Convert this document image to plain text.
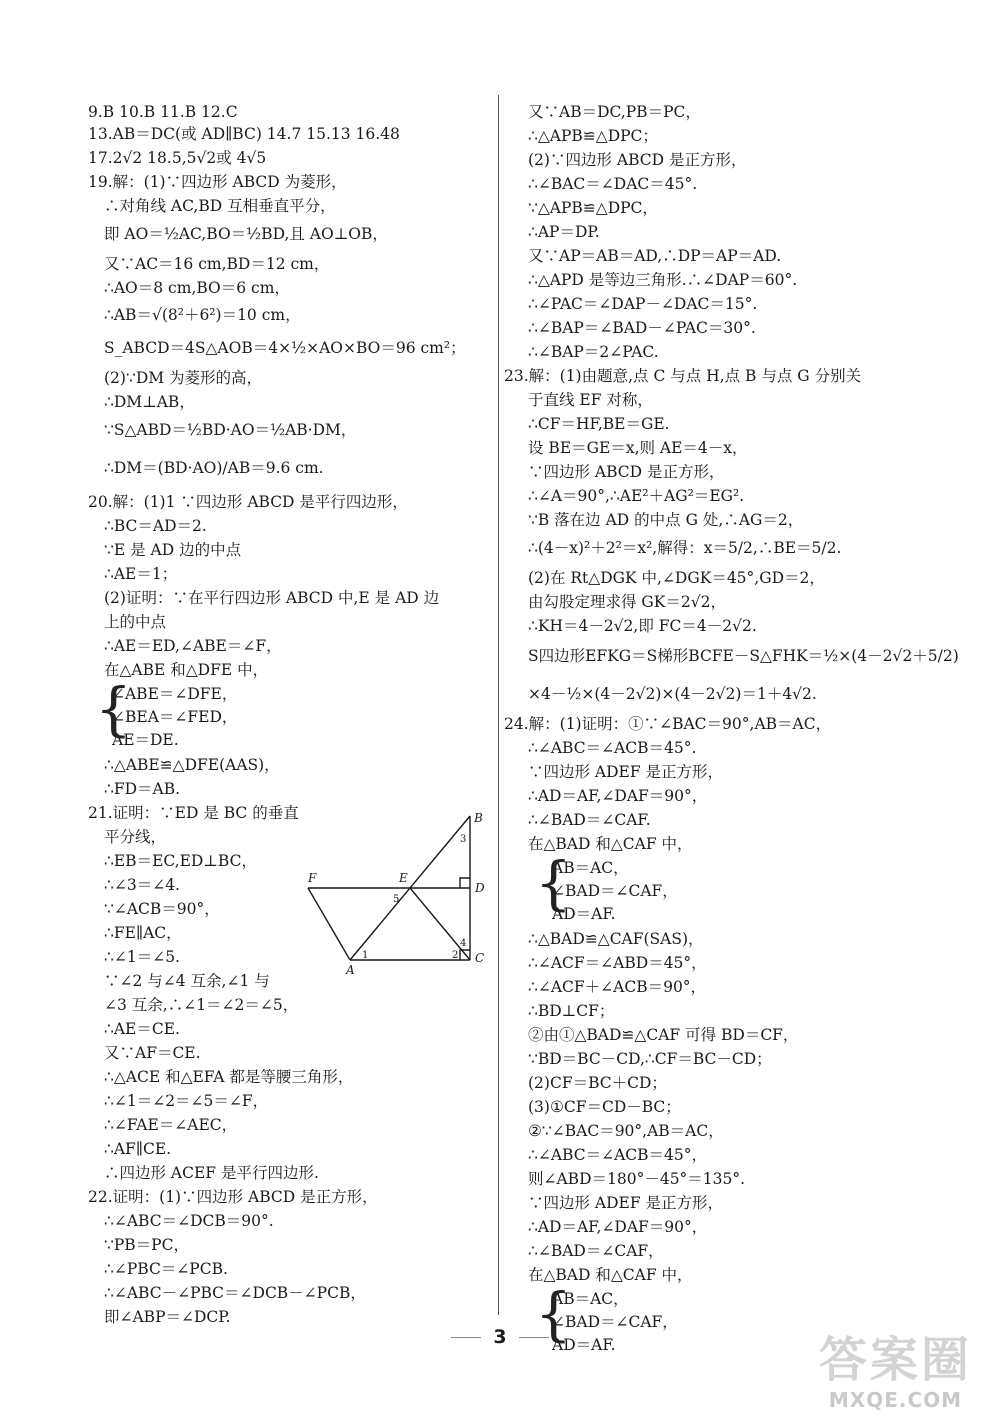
9.B 10.B 11.B 12.C
13.AB＝DC(或 AD∥BC) 14.7 15.13 16.48
17.2√2 18.5,5√2或 4√5
19.解：(1)∵四边形 ABCD 为菱形，
∴对角线 AC,BD 互相垂直平分，
即 AO＝½AC,BO＝½BD,且 AO⊥OB，
又∵AC＝16 cm,BD＝12 cm，
∴AO＝8 cm,BO＝6 cm，
∴AB＝√(8²＋6²)＝10 cm，
S_ABCD＝4S△AOB＝4×½×AO×BO＝96 cm²；
(2)∵DM 为菱形的高，
∴DM⊥AB，
∵S△ABD＝½BD·AO＝½AB·DM，
∴DM＝(BD·AO)/AB＝9.6 cm.
20.解：(1)1 ∵四边形 ABCD 是平行四边形，
∴BC＝AD＝2.
∵E 是 AD 边的中点
∴AE＝1；
(2)证明：∵在平行四边形 ABCD 中,E 是 AD 边
上的中点
∴AE＝ED,∠ABE＝∠F，
在△ABE 和△DFE 中，
∠ABE＝∠DFE，
∠BEA＝∠FED，
AE＝DE.
∴△ABE≌△DFE(AAS)，
∴FD＝AB.
21.证明：∵ED 是 BC 的垂直
平分线，
∴EB＝EC,ED⊥BC，
∴∠3＝∠4.
∵∠ACB＝90°，
∴FE∥AC，
∴∠1＝∠5.
∵∠2 与∠4 互余,∠1 与
∠3 互余,∴∠1＝∠2＝∠5，
∴AE＝CE.
又∵AF＝CE.
∴△ACE 和△EFA 都是等腰三角形，
∴∠1＝∠2＝∠5＝∠F，
∴∠FAE＝∠AEC，
∴AF∥CE.
∴四边形 ACEF 是平行四边形.
22.证明：(1)∵四边形 ABCD 是正方形，
∴∠ABC＝∠DCB＝90°.
∵PB＝PC，
∴∠PBC＝∠PCB.
∴∠ABC－∠PBC＝∠DCB－∠PCB，
即∠ABP＝∠DCP.
又∵AB＝DC,PB＝PC，
∴△APB≌△DPC；
(2)∵四边形 ABCD 是正方形，
∴∠BAC＝∠DAC＝45°.
∵△APB≌△DPC，
∴AP＝DP.
又∵AP＝AB＝AD,∴DP＝AP＝AD.
∴△APD 是等边三角形.∴∠DAP＝60°.
∴∠PAC＝∠DAP－∠DAC＝15°.
∴∠BAP＝∠BAD－∠PAC＝30°.
∴∠BAP＝2∠PAC.
23.解：(1)由题意,点 C 与点 H,点 B 与点 G 分别关
于直线 EF 对称，
∴CF＝HF,BE＝GE.
设 BE＝GE＝x,则 AE＝4－x，
∵四边形 ABCD 是正方形，
∴∠A＝90°,∴AE²＋AG²＝EG².
∵B 落在边 AD 的中点 G 处,∴AG＝2，
∴(4－x)²＋2²＝x²,解得：x＝5/2,∴BE＝5/2.
(2)在 Rt△DGK 中,∠DGK＝45°,GD＝2，
由勾股定理求得 GK＝2√2，
∴KH＝4－2√2,即 FC＝4－2√2.
S四边形EFKG＝S梯形BCFE－S△FHK＝½×(4－2√2＋5/2)
×4－½×(4－2√2)×(4－2√2)＝1＋4√2.
24.解：(1)证明：①∵∠BAC＝90°,AB＝AC，
∴∠ABC＝∠ACB＝45°.
∵四边形 ADEF 是正方形，
∴AD＝AF,∠DAF＝90°，
∴∠BAD＝∠CAF.
在△BAD 和△CAF 中，
AB＝AC，
∠BAD＝∠CAF，
AD＝AF.
∴△BAD≌△CAF(SAS)，
∴∠ACF＝∠ABD＝45°，
∴∠ACF＋∠ACB＝90°，
∴BD⊥CF；
②由①△BAD≌△CAF 可得 BD＝CF，
∵BD＝BC－CD,∴CF＝BC－CD；
(2)CF＝BC＋CD；
(3)①CF＝CD－BC；
②∵∠BAC＝90°,AB＝AC，
∴∠ABC＝∠ACB＝45°，
则∠ABD＝180°－45°＝135°.
∵四边形 ADEF 是正方形，
∴AD＝AF,∠DAF＝90°，
∴∠BAD＝∠CAF，
在△BAD 和△CAF 中，
AB＝AC，
∠BAD＝∠CAF，
AD＝AF.
{
{
{
B
D
C
A
F	E
1	2
3
4
5
3	答案圈
MXQE.COM
